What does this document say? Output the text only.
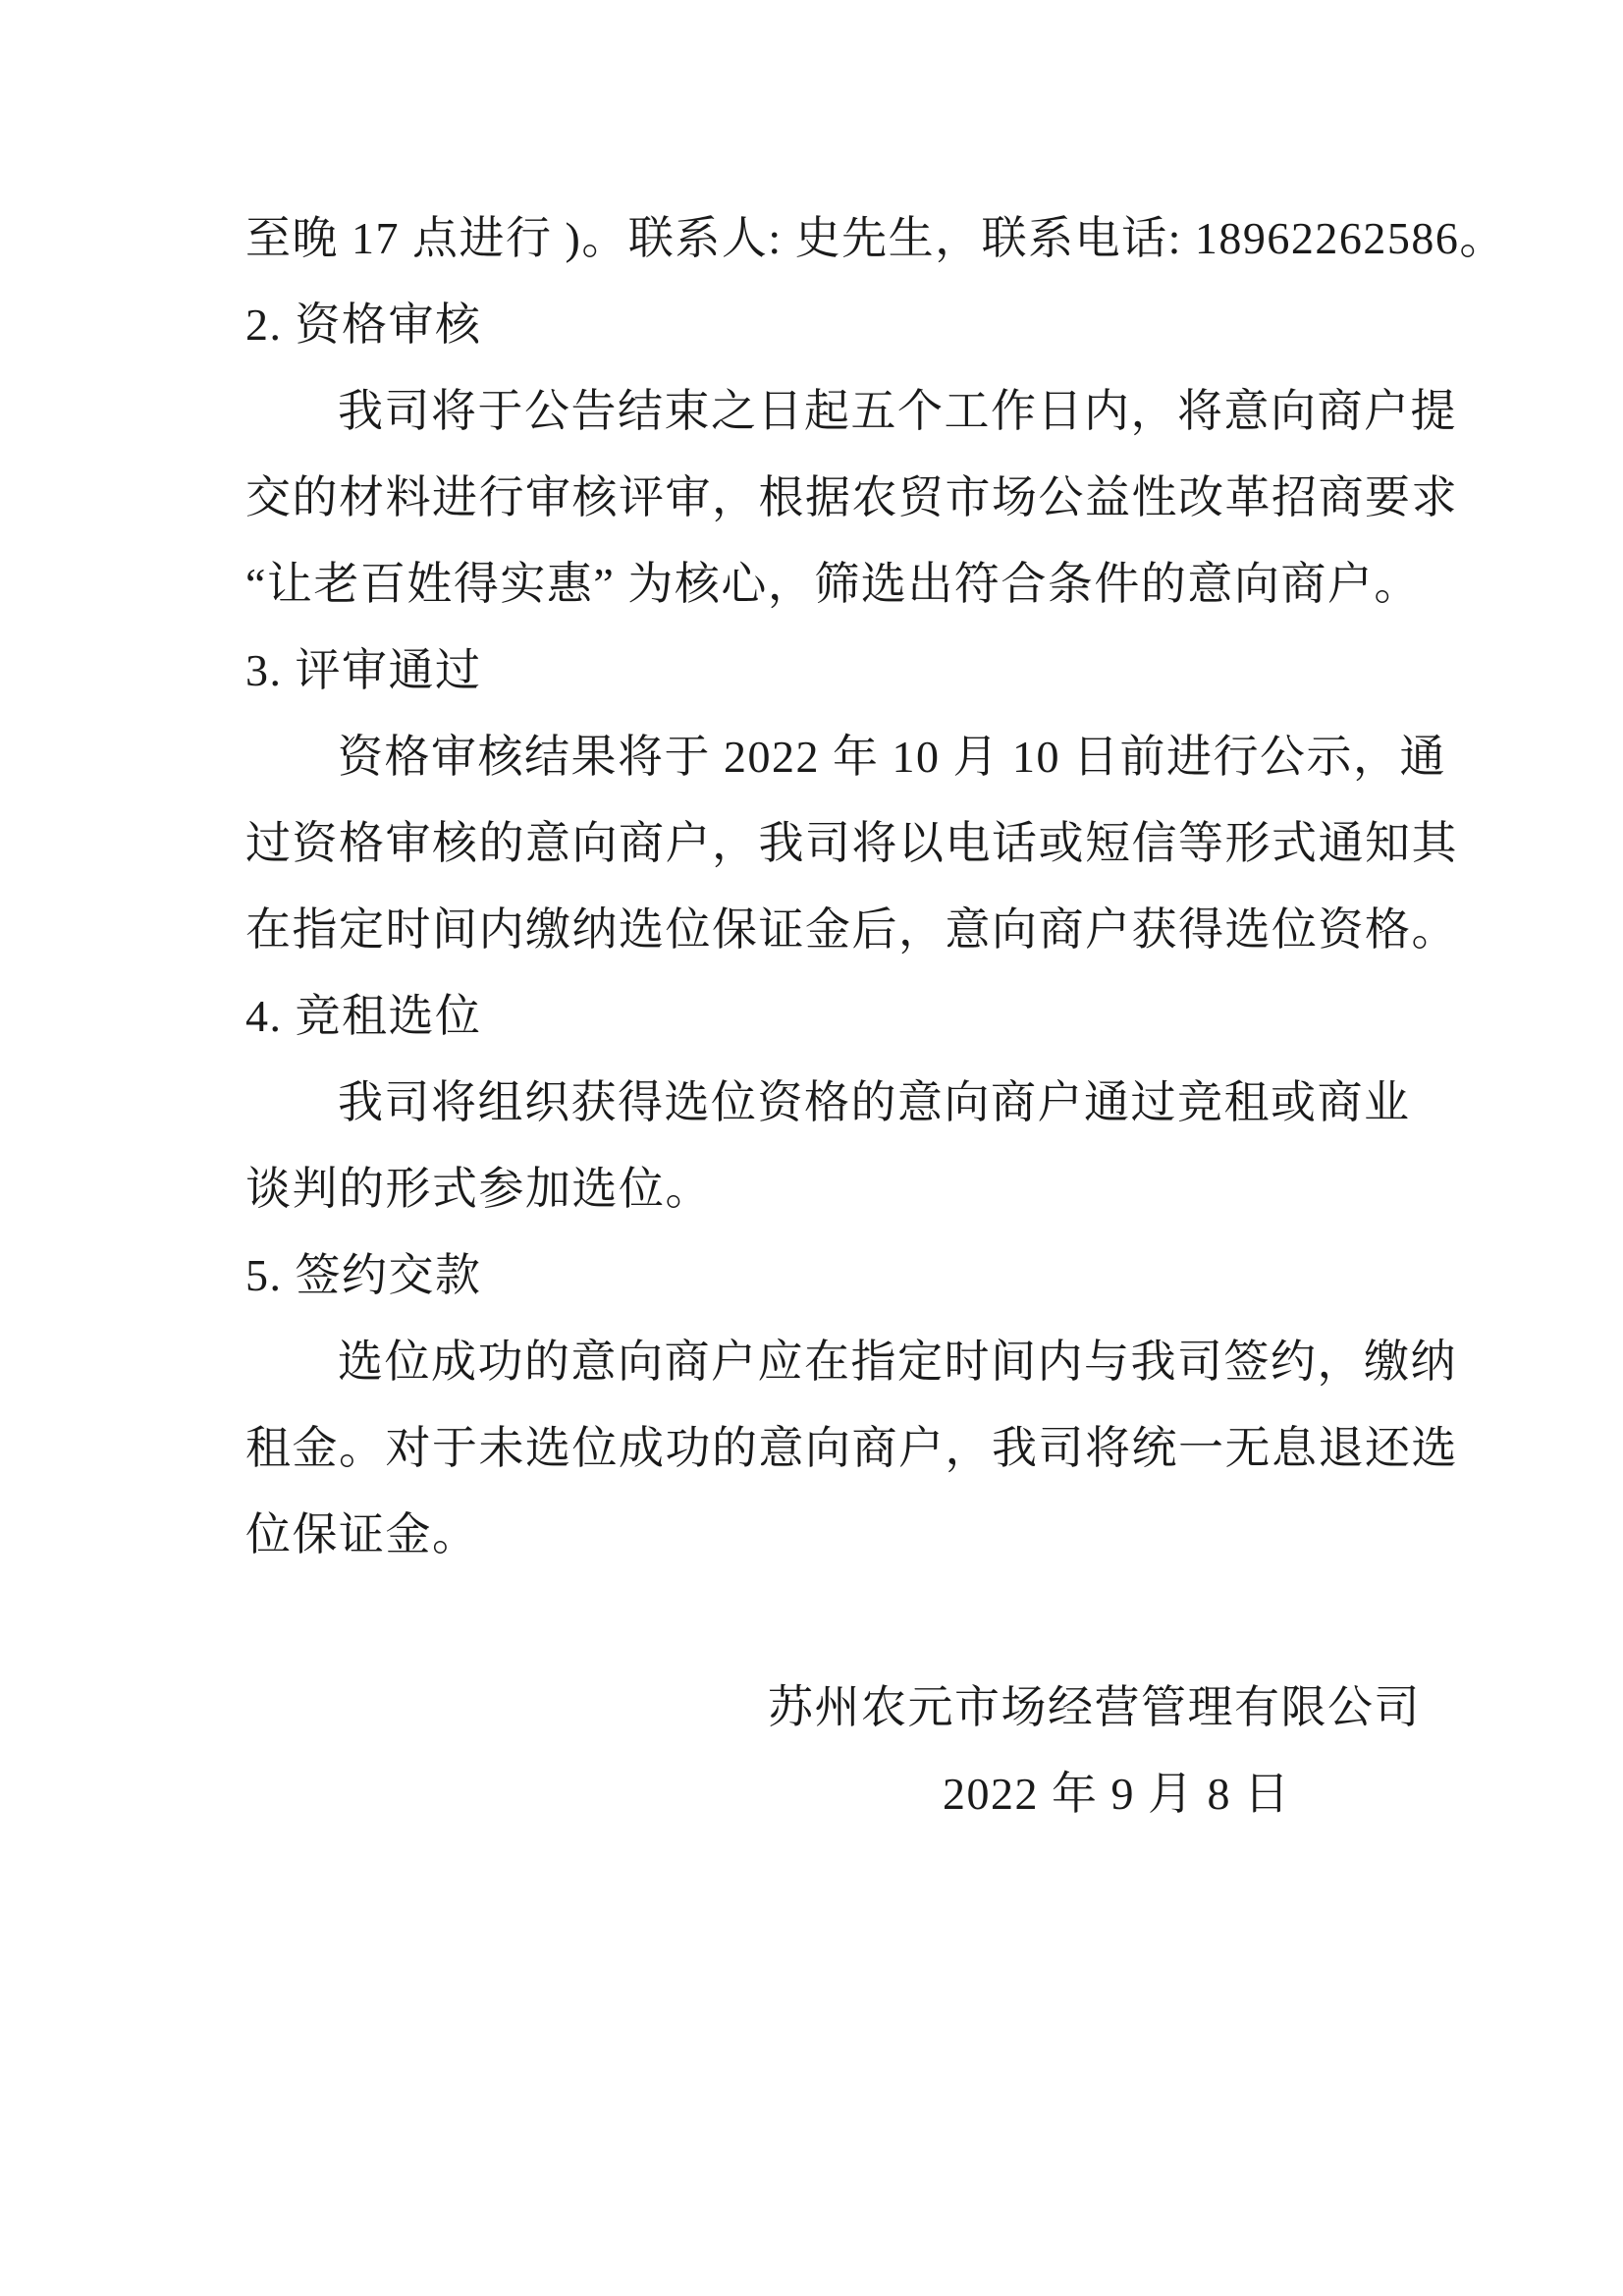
至晚 17 点进行 )。联系人: 史先生，联系电话: 18962262586。
2. 资格审核
我司将于公告结束之日起五个工作日内，将意向商户提
交的材料进行审核评审，根据农贸市场公益性改革招商要求
“让老百姓得实惠” 为核心，筛选出符合条件的意向商户。
3. 评审通过
资格审核结果将于 2022 年 10 月 10 日前进行公示，通
过资格审核的意向商户，我司将以电话或短信等形式通知其
在指定时间内缴纳选位保证金后，意向商户获得选位资格。
4. 竞租选位
我司将组织获得选位资格的意向商户通过竞租或商业
谈判的形式参加选位。
5. 签约交款
选位成功的意向商户应在指定时间内与我司签约，缴纳
租金。对于未选位成功的意向商户，我司将统一无息退还选
位保证金。
苏州农元市场经营管理有限公司
2022 年 9 月 8 日
